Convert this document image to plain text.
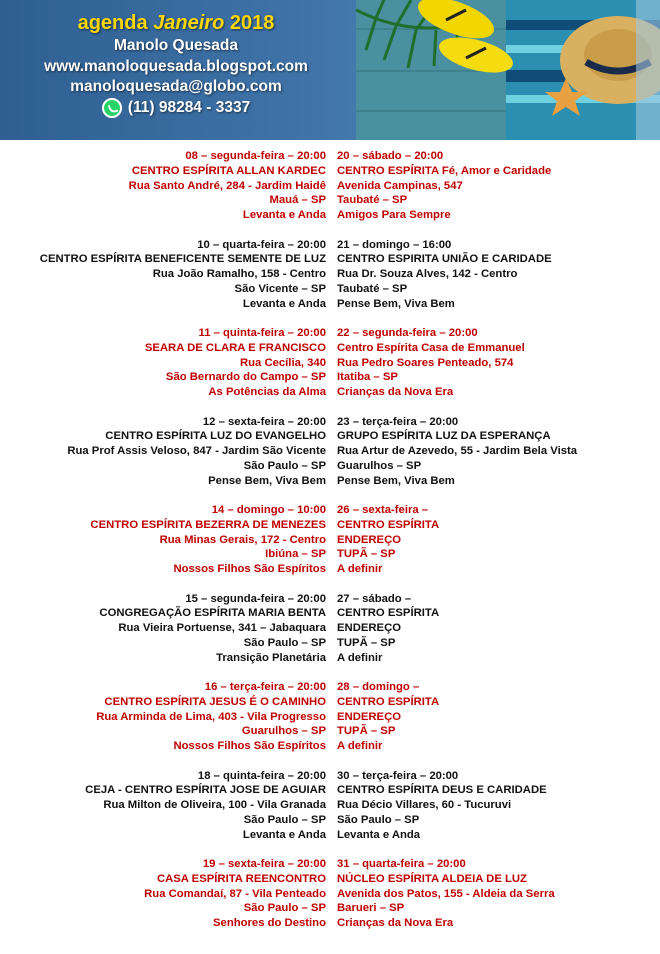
agenda Janeiro 2018
Manolo Quesada
www.manoloquesada.blogspot.com
manoloquesada@globo.com
(11) 98284 - 3337
08 – segunda-feira – 20:00
CENTRO ESPÍRITA ALLAN KARDEC
Rua Santo André, 284 - Jardim Haidê
Mauá – SP
Levanta e Anda
20 – sábado – 20:00
CENTRO ESPÍRITA Fé, Amor e Caridade
Avenida Campinas, 547
Taubaté – SP
Amigos Para Sempre
10 – quarta-feira – 20:00
CENTRO ESPÍRITA BENEFICENTE SEMENTE DE LUZ
Rua João Ramalho, 158 - Centro
São Vicente – SP
Levanta e Anda
21 – domingo – 16:00
CENTRO ESPIRITA UNIÃO E CARIDADE
Rua Dr. Souza Alves, 142 - Centro
Taubaté – SP
Pense Bem, Viva Bem
11 – quinta-feira – 20:00
SEARA DE CLARA E FRANCISCO
Rua Cecília, 340
São Bernardo do Campo – SP
As Potências da Alma
22 – segunda-feira – 20:00
Centro Espírita Casa de Emmanuel
Rua Pedro Soares Penteado, 574
Itatiba – SP
Crianças da Nova Era
12 – sexta-feira – 20:00
CENTRO ESPÍRITA LUZ DO EVANGELHO
Rua Prof Assis Veloso, 847 - Jardim São Vicente
São Paulo – SP
Pense Bem, Viva Bem
23 – terça-feira – 20:00
GRUPO ESPÍRITA LUZ DA ESPERANÇA
Rua Artur de Azevedo, 55 - Jardim Bela Vista
Guarulhos – SP
Pense Bem, Viva Bem
14 – domingo – 10:00
CENTRO ESPÍRITA BEZERRA DE MENEZES
Rua Minas Gerais, 172 - Centro
Ibiúna – SP
Nossos Filhos São Espíritos
26 – sexta-feira –
CENTRO ESPÍRITA
ENDEREÇO
TUPÃ – SP
A definir
15 – segunda-feira – 20:00
CONGREGAÇÃO ESPÍRITA MARIA BENTA
Rua Vieira Portuense, 341 – Jabaquara
São Paulo – SP
Transição Planetária
27 – sábado –
CENTRO ESPÍRITA
ENDEREÇO
TUPÃ – SP
A definir
16 – terça-feira – 20:00
CENTRO ESPÍRITA JESUS É O CAMINHO
Rua Arminda de Lima, 403 - Vila Progresso
Guarulhos – SP
Nossos Filhos São Espíritos
28 – domingo –
CENTRO ESPÍRITA
ENDEREÇO
TUPÃ – SP
A definir
18 – quinta-feira – 20:00
CEJA - CENTRO ESPÍRITA JOSE DE AGUIAR
Rua Milton de Oliveira, 100 - Vila Granada
São Paulo – SP
Levanta e Anda
30 – terça-feira – 20:00
CENTRO ESPÍRITA DEUS E CARIDADE
Rua Décio Villares, 60 - Tucuruvi
São Paulo – SP
Levanta e Anda
19 – sexta-feira – 20:00
CASA ESPÍRITA REENCONTRO
Rua Comandaí, 87 - Vila Penteado
São Paulo – SP
Senhores do Destino
31 – quarta-feira – 20:00
NÚCLEO ESPÍRITA ALDEIA DE LUZ
Avenida dos Patos, 155 - Aldeia da Serra
Barueri – SP
Crianças da Nova Era
